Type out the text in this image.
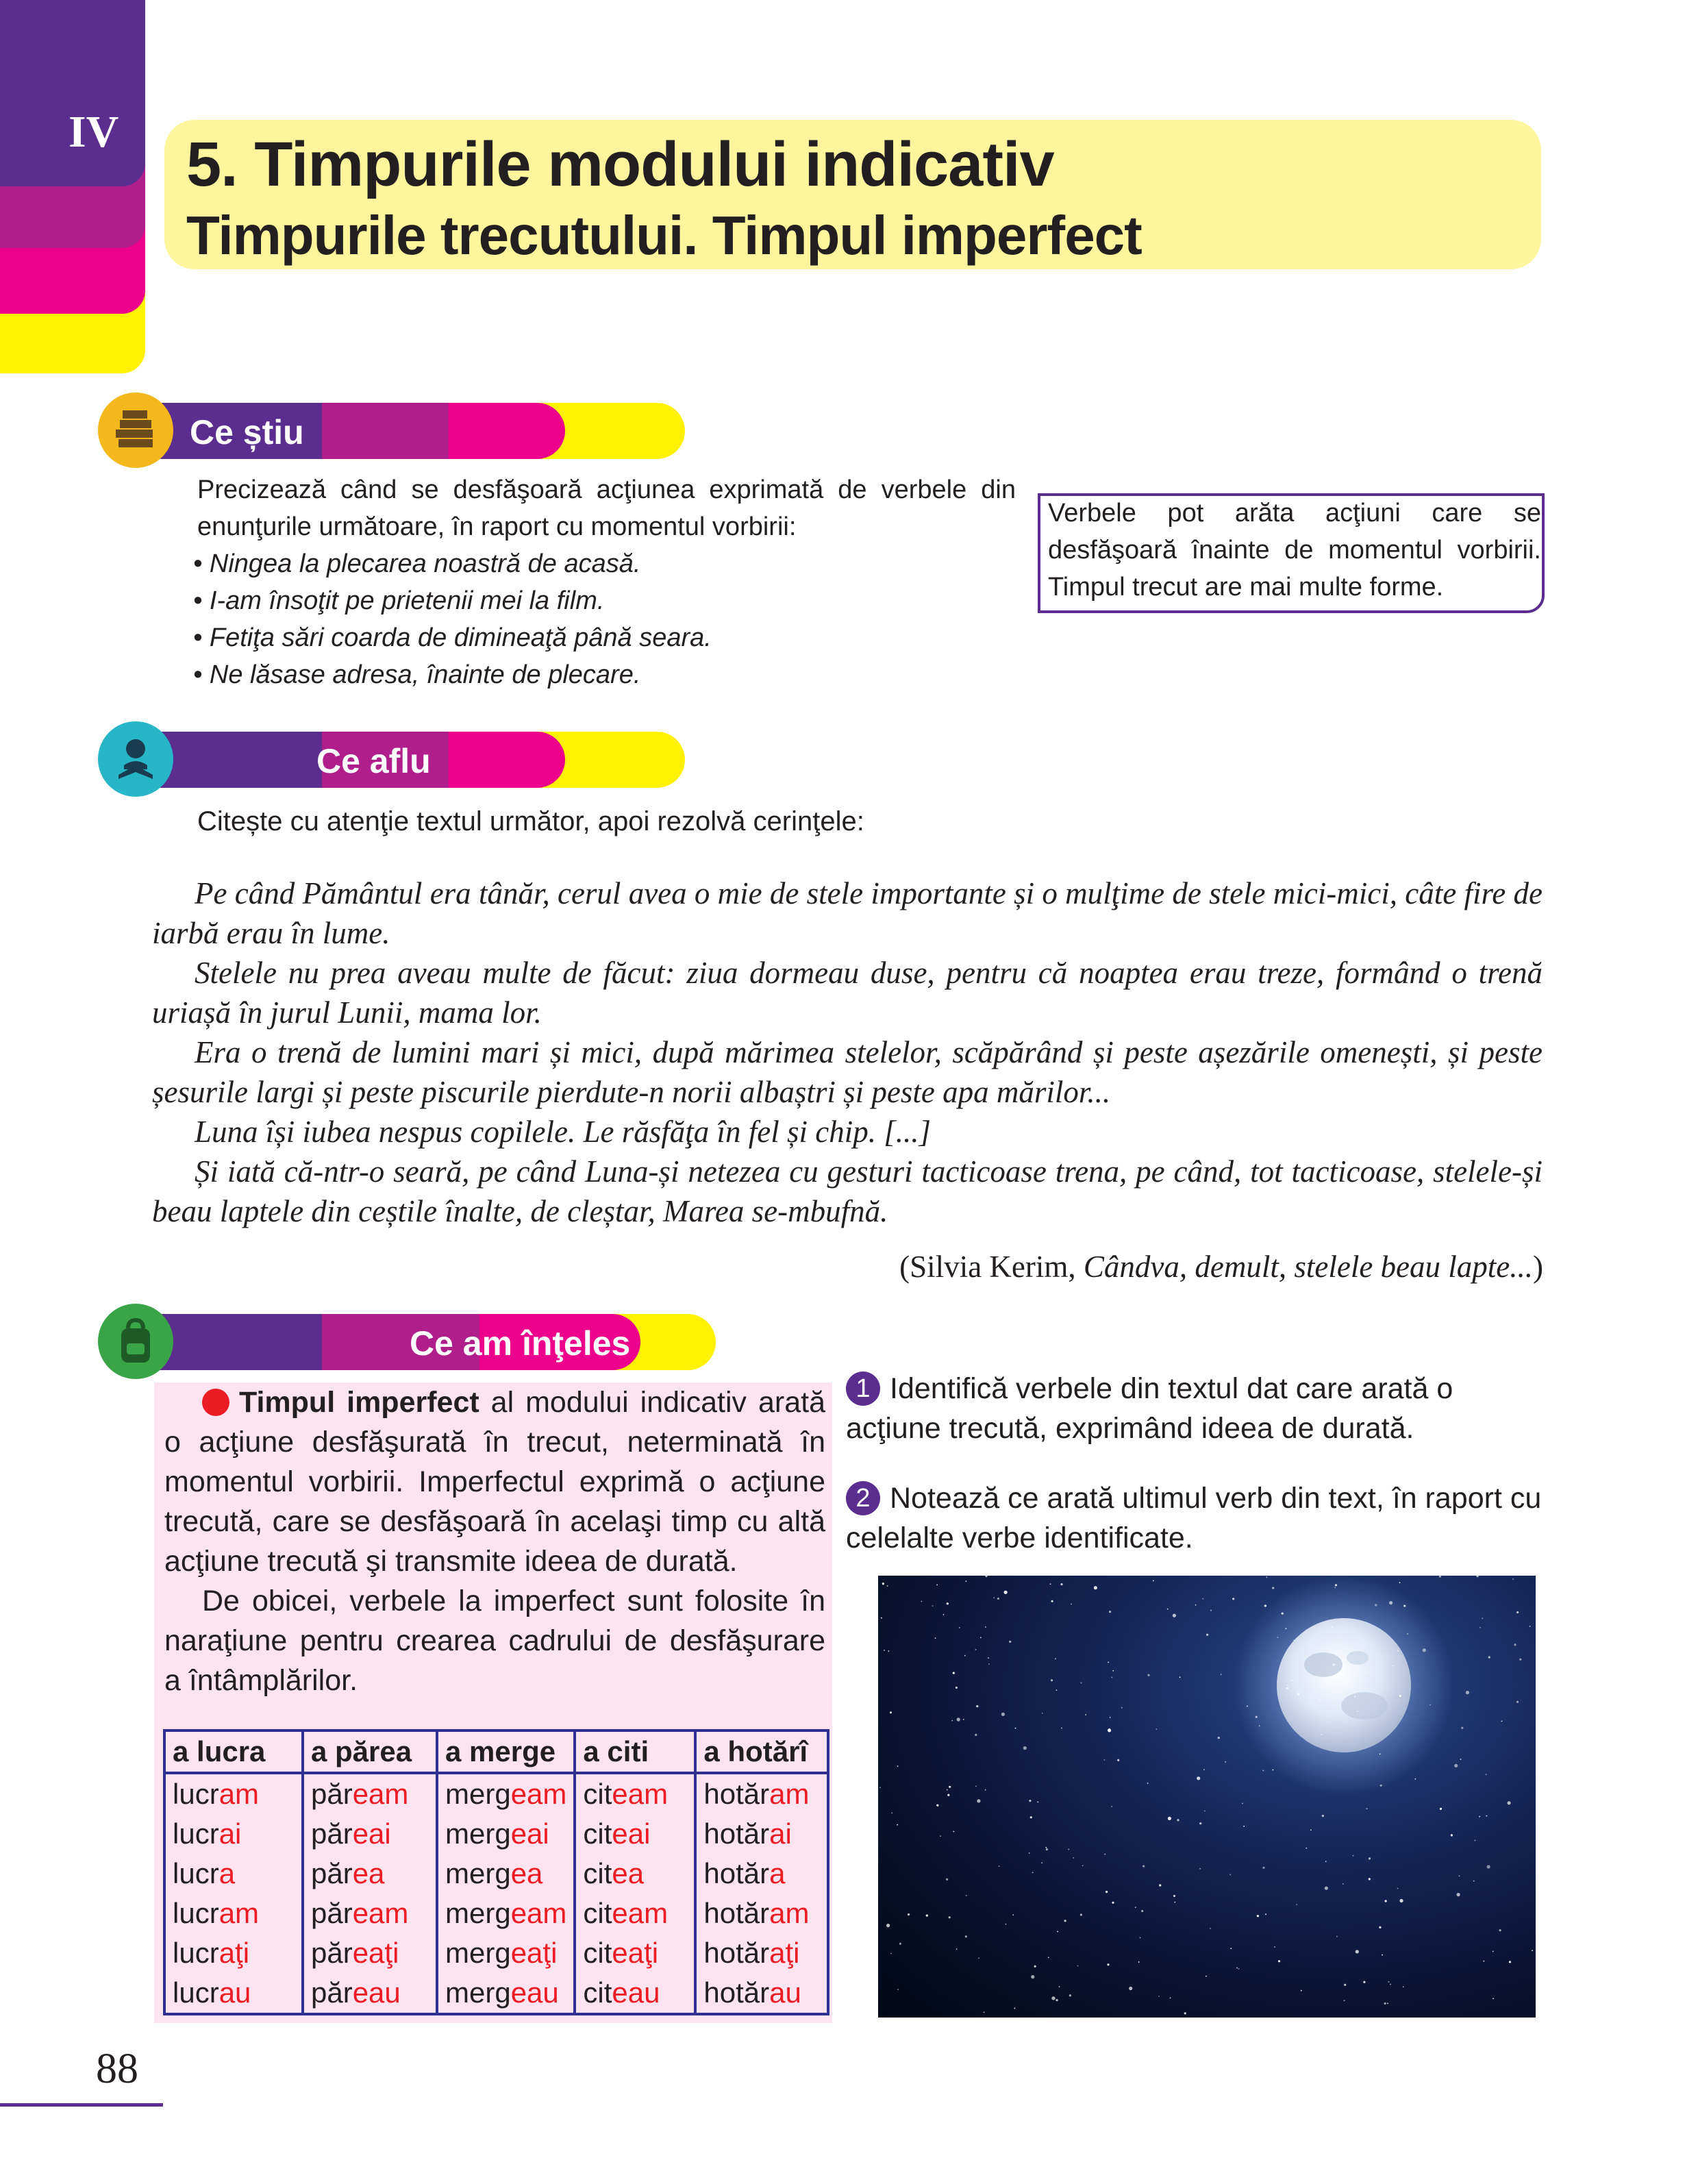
IV 5. Timpurile modului indicativ
Timpurile trecutului. Timpul imperfect
Ce știu
Precizează când se desfăşoară acţiunea exprimată de verbele din enunţurile următoare, în raport cu momentul vorbirii:
• Ningea la plecarea noastră de acasă.
• I-am însoţit pe prietenii mei la film.
• Fetiţa sări coarda de dimineaţă până seara.
• Ne lăsase adresa, înainte de plecare.
Verbele pot arăta acţiuni care se desfăşoară înainte de momentul vorbirii. Timpul trecut are mai multe forme.
Ce aflu
Citește cu atenţie textul următor, apoi rezolvă cerinţele:

Pe când Pământul era tânăr, cerul avea o mie de stele importante și o mulţime de stele mici-mici, câte fire de iarbă erau în lume.

Stelele nu prea aveau multe de făcut: ziua dormeau duse, pentru că noaptea erau treze, formând o trenă uriașă în jurul Lunii, mama lor.

Era o trenă de lumini mari și mici, după mărimea stelelor, scăpărând și peste așezările omenești, și peste șesurile largi și peste piscurile pierdute-n norii albaștri și peste apa mărilor...

Luna își iubea nespus copilele. Le răsfăţa în fel și chip. [...]

Și iată că-ntr-o seară, pe când Luna-și netezea cu gesturi tacticoase trena, pe când, tot tacticoase, stelele-și beau laptele din ceștile înalte, de cleștar, Marea se-mbufnă.

(Silvia Kerim, Cândva, demult, stelele beau lapte...)
Ce am înţeles
Timpul imperfect al modului indicativ arată o acţiune desfăşurată în trecut, neterminată în momentul vorbirii. Imperfectul exprimă o acţiune trecută, care se desfăşoară în acelaşi timp cu altă acţiune trecută şi transmite ideea de durată.
De obicei, verbele la imperfect sunt folosite în naraţiune pentru crearea cadrului de desfăşurare a întâmplărilor.
a lucra	a părea	a merge	a citi	a hotărî
lucram	păream	mergeam	citeam	hotăram
lucrai	păreai	mergeai	citeai	hotărai
lucra	părea	mergea	citea	hotăra
lucram	păream	mergeam	citeam	hotăram
lucraţi	păreaţi	mergeaţi	citeaţi	hotăraţi
lucrau	păreau	mergeau	citeau	hotărau
1 Identifică verbele din textul dat care arată o acţiune trecută, exprimând ideea de durată.
2 Notează ce arată ultimul verb din text, în raport cu celelalte verbe identificate.
88
